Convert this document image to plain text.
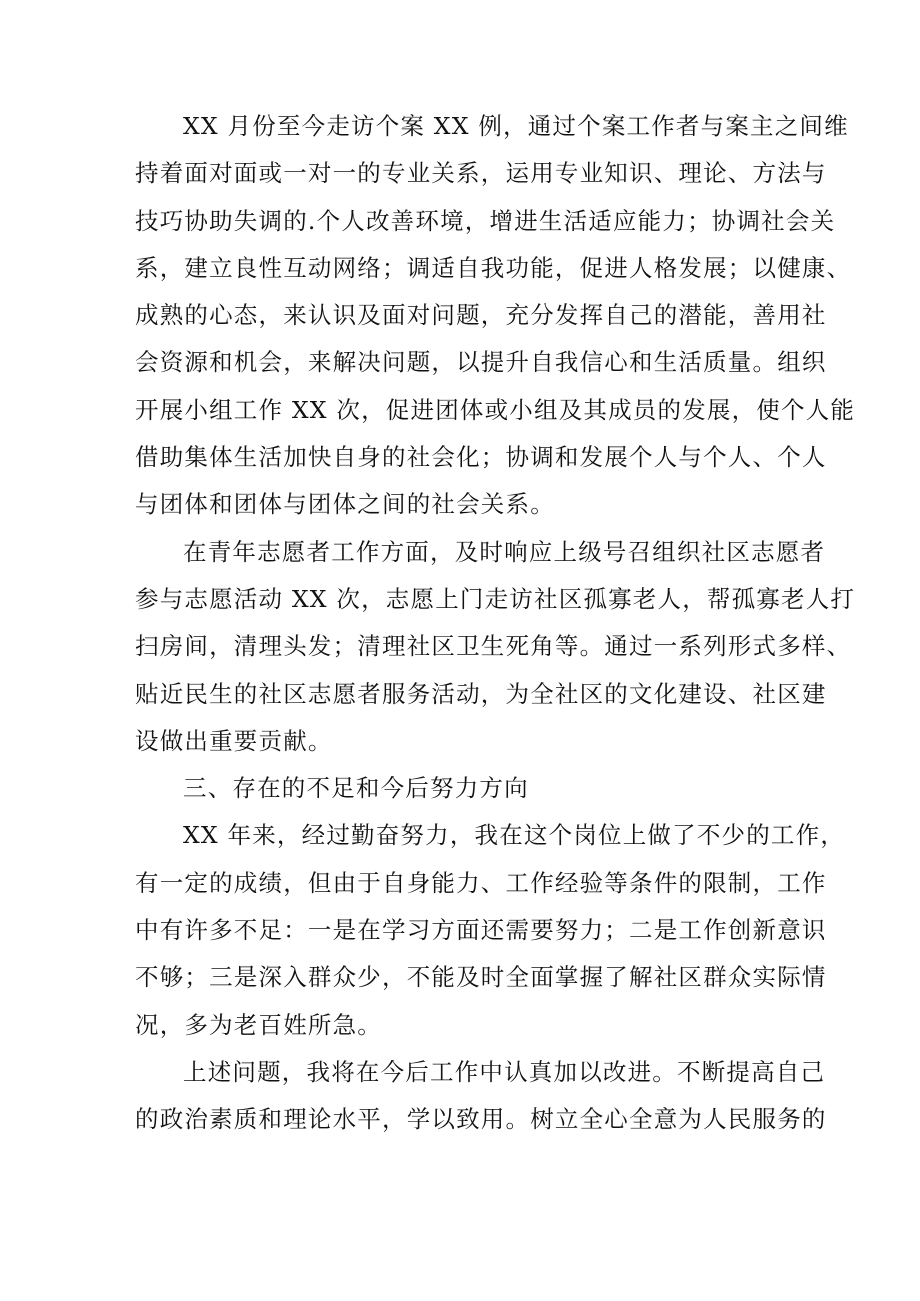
XX 月份至今走访个案 XX 例，通过个案工作者与案主之间维
持着面对面或一对一的专业关系，运用专业知识、理论、方法与
技巧协助失调的.个人改善环境，增进生活适应能力；协调社会关
系，建立良性互动网络；调适自我功能，促进人格发展；以健康、
成熟的心态，来认识及面对问题，充分发挥自己的潜能，善用社
会资源和机会，来解决问题，以提升自我信心和生活质量。组织
开展小组工作 XX 次，促进团体或小组及其成员的发展，使个人能
借助集体生活加快自身的社会化；协调和发展个人与个人、个人
与团体和团体与团体之间的社会关系。

在青年志愿者工作方面，及时响应上级号召组织社区志愿者
参与志愿活动 XX 次，志愿上门走访社区孤寡老人，帮孤寡老人打
扫房间，清理头发；清理社区卫生死角等。通过一系列形式多样、
贴近民生的社区志愿者服务活动，为全社区的文化建设、社区建
设做出重要贡献。

三、存在的不足和今后努力方向

XX 年来，经过勤奋努力，我在这个岗位上做了不少的工作，
有一定的成绩，但由于自身能力、工作经验等条件的限制，工作
中有许多不足：一是在学习方面还需要努力；二是工作创新意识
不够；三是深入群众少，不能及时全面掌握了解社区群众实际情
况，多为老百姓所急。

上述问题，我将在今后工作中认真加以改进。不断提高自己
的政治素质和理论水平，学以致用。树立全心全意为人民服务的
